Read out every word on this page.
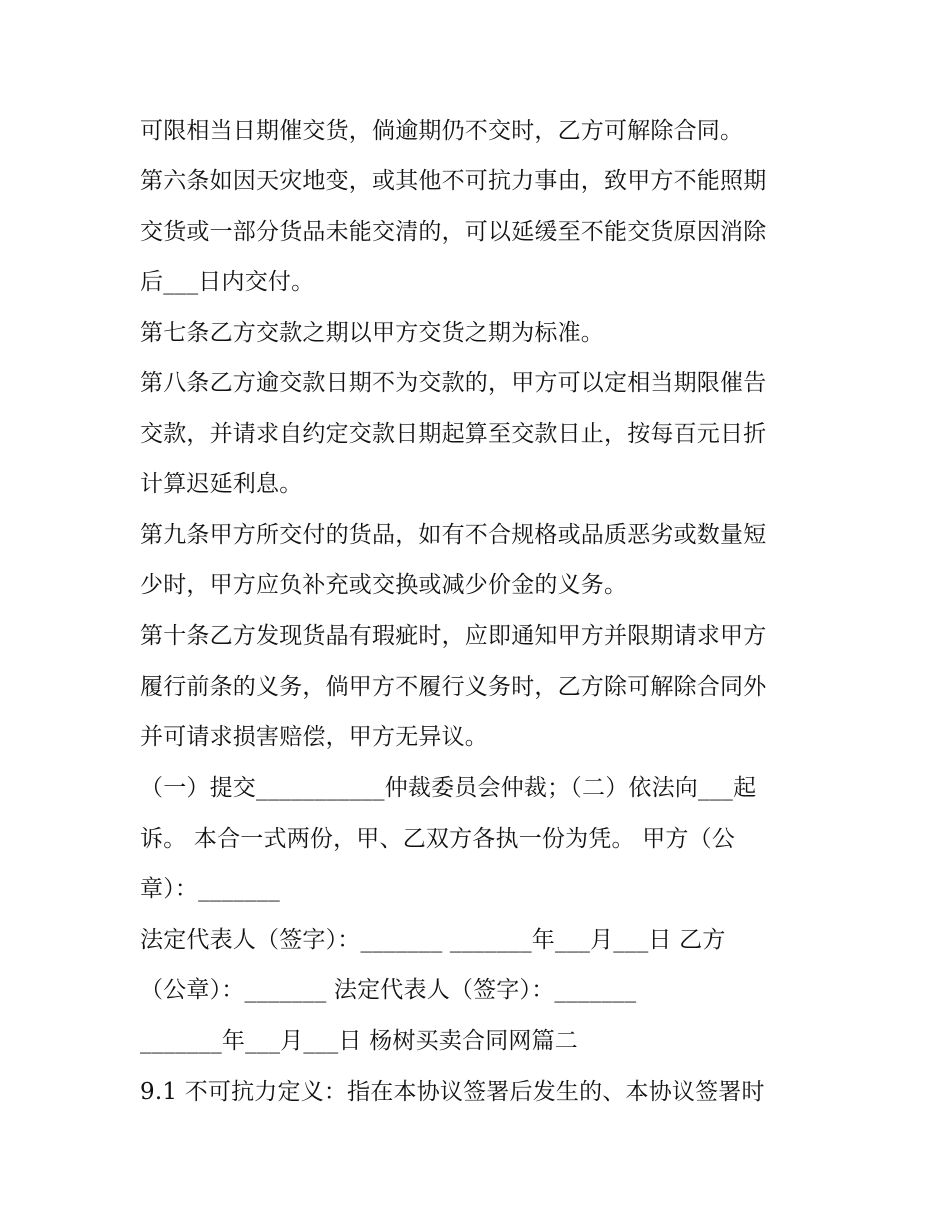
可限相当日期催交货，倘逾期仍不交时，乙方可解除合同。
第六条如因天灾地变，或其他不可抗力事由，致甲方不能照期
交货或一部分货品未能交清的，可以延缓至不能交货原因消除
后___日内交付。
第七条乙方交款之期以甲方交货之期为标准。
第八条乙方逾交款日期不为交款的，甲方可以定相当期限催告
交款，并请求自约定交款日期起算至交款日止，按每百元日折
计算迟延利息。
第九条甲方所交付的货品，如有不合规格或品质恶劣或数量短
少时，甲方应负补充或交换或减少价金的义务。
第十条乙方发现货晶有瑕疵时，应即通知甲方并限期请求甲方
履行前条的义务，倘甲方不履行义务时，乙方除可解除合同外
并可请求损害赔偿，甲方无异议。
（一）提交___________仲裁委员会仲裁；（二）依法向___起
诉。 本合一式两份，甲、乙双方各执一份为凭。 甲方（公
章）：_______
法定代表人（签字）：_______ _______年___月___日 乙方
（公章）：_______ 法定代表人（签字）：_______
_______年___月___日 杨树买卖合同网篇二
9.1 不可抗力定义：指在本协议签署后发生的、本协议签署时
